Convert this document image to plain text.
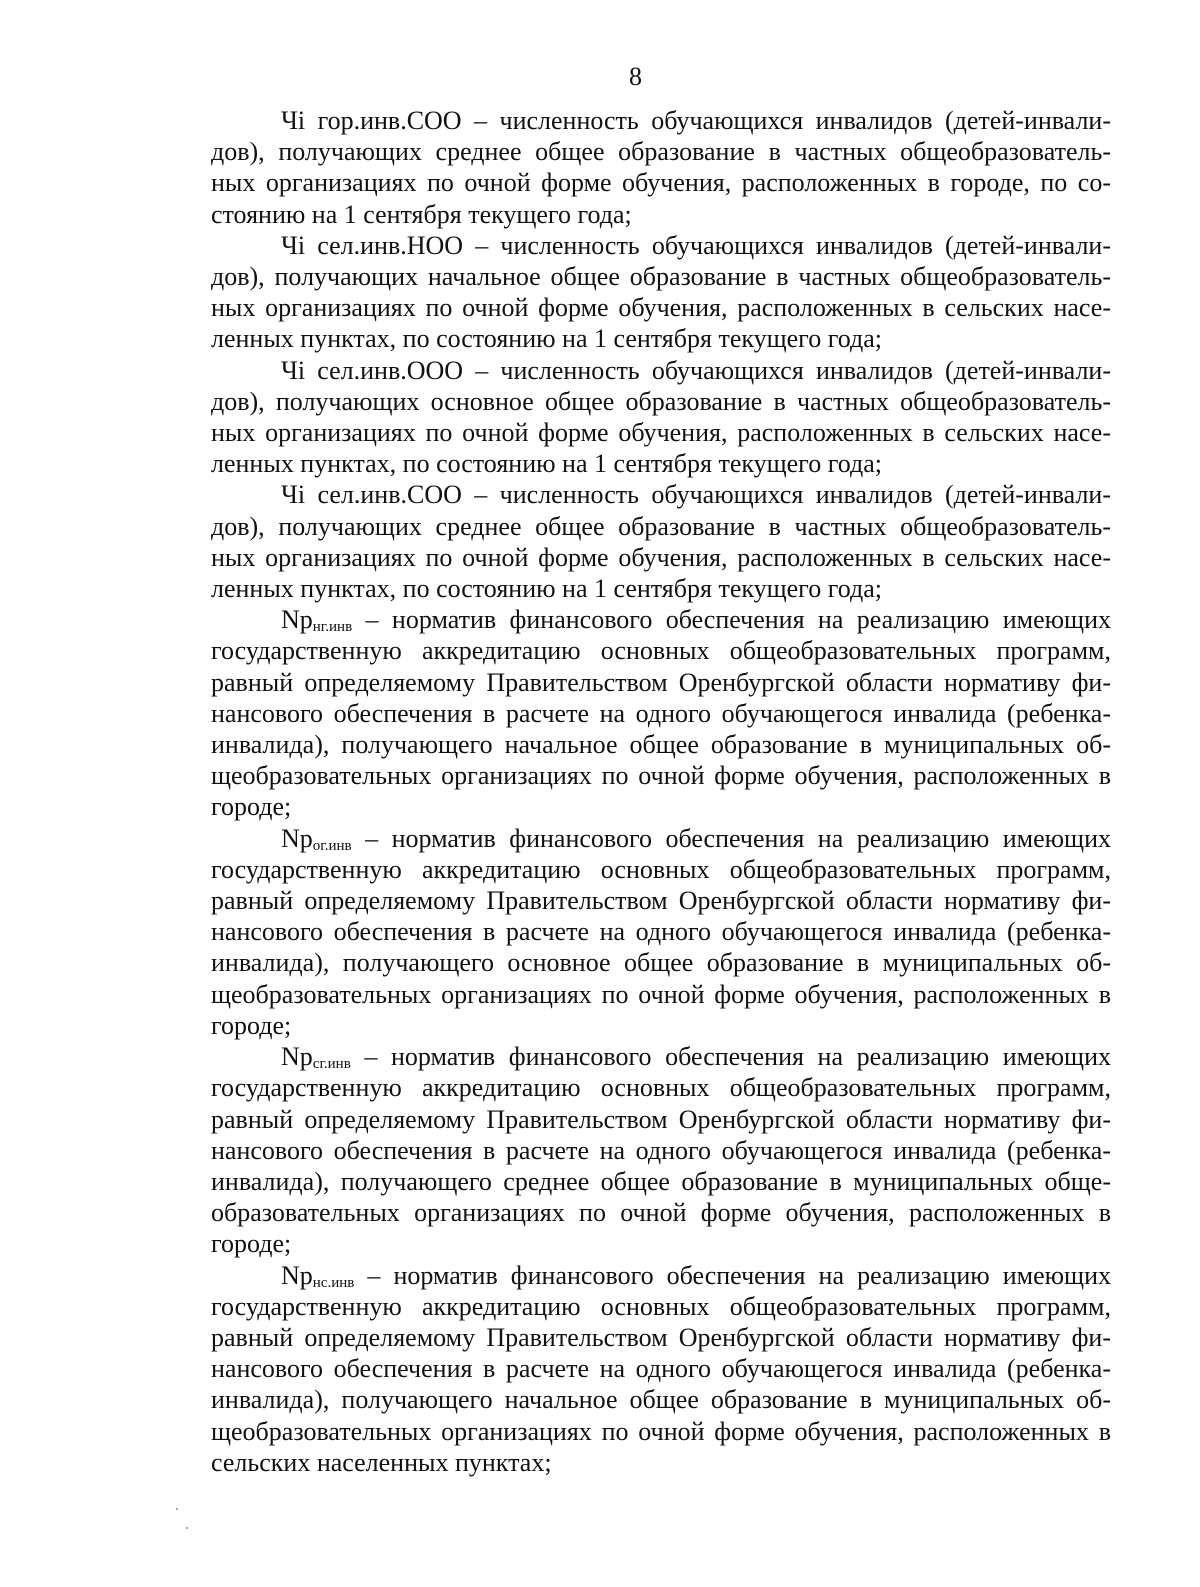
8

Чі гор.инв.СОО – численность обучающихся инвалидов (детей-инвали- дов), получающих среднее общее образование в частных общеобразователь- ных организациях по очной форме обучения, расположенных в городе, по со- стоянию на 1 сентября текущего года;

Чі сел.инв.НОО – численность обучающихся инвалидов (детей-инвали- дов), получающих начальное общее образование в частных общеобразователь- ных организациях по очной форме обучения, расположенных в сельских насе- ленных пунктах, по состоянию на 1 сентября текущего года;

Чі сел.инв.ООО – численность обучающихся инвалидов (детей-инвали- дов), получающих основное общее образование в частных общеобразователь- ных организациях по очной форме обучения, расположенных в сельских насе- ленных пунктах, по состоянию на 1 сентября текущего года;

Чі сел.инв.СОО – численность обучающихся инвалидов (детей-инвали- дов), получающих среднее общее образование в частных общеобразователь- ных организациях по очной форме обучения, расположенных в сельских насе- ленных пунктах, по состоянию на 1 сентября текущего года;

$Np_{нг.инв}$ – норматив финансового обеспечения на реализацию имеющих государственную аккредитацию основных общеобразовательных программ, равный определяемому Правительством Оренбургской области нормативу фи- нансового обеспечения в расчете на одного обучающегося инвалида (ребенка- инвалида), получающего начальное общее образование в муниципальных об- щеобразовательных организациях по очной форме обучения, расположенных в городе;

$Np_{ог.инв}$ – норматив финансового обеспечения на реализацию имеющих государственную аккредитацию основных общеобразовательных программ, равный определяемому Правительством Оренбургской области нормативу фи- нансового обеспечения в расчете на одного обучающегося инвалида (ребенка- инвалида), получающего основное общее образование в муниципальных об- щеобразовательных организациях по очной форме обучения, расположенных в городе;

$Np_{сг.инв}$ – норматив финансового обеспечения на реализацию имеющих государственную аккредитацию основных общеобразовательных программ, равный определяемому Правительством Оренбургской области нормативу фи- нансового обеспечения в расчете на одного обучающегося инвалида (ребенка- инвалида), получающего среднее общее образование в муниципальных обще- образовательных организациях по очной форме обучения, расположенных в городе;

$Np_{нс.инв}$ – норматив финансового обеспечения на реализацию имеющих государственную аккредитацию основных общеобразовательных программ, равный определяемому Правительством Оренбургской области нормативу фи- нансового обеспечения в расчете на одного обучающегося инвалида (ребенка- инвалида), получающего начальное общее образование в муниципальных об- щеобразовательных организациях по очной форме обучения, расположенных в сельских населенных пунктах;
